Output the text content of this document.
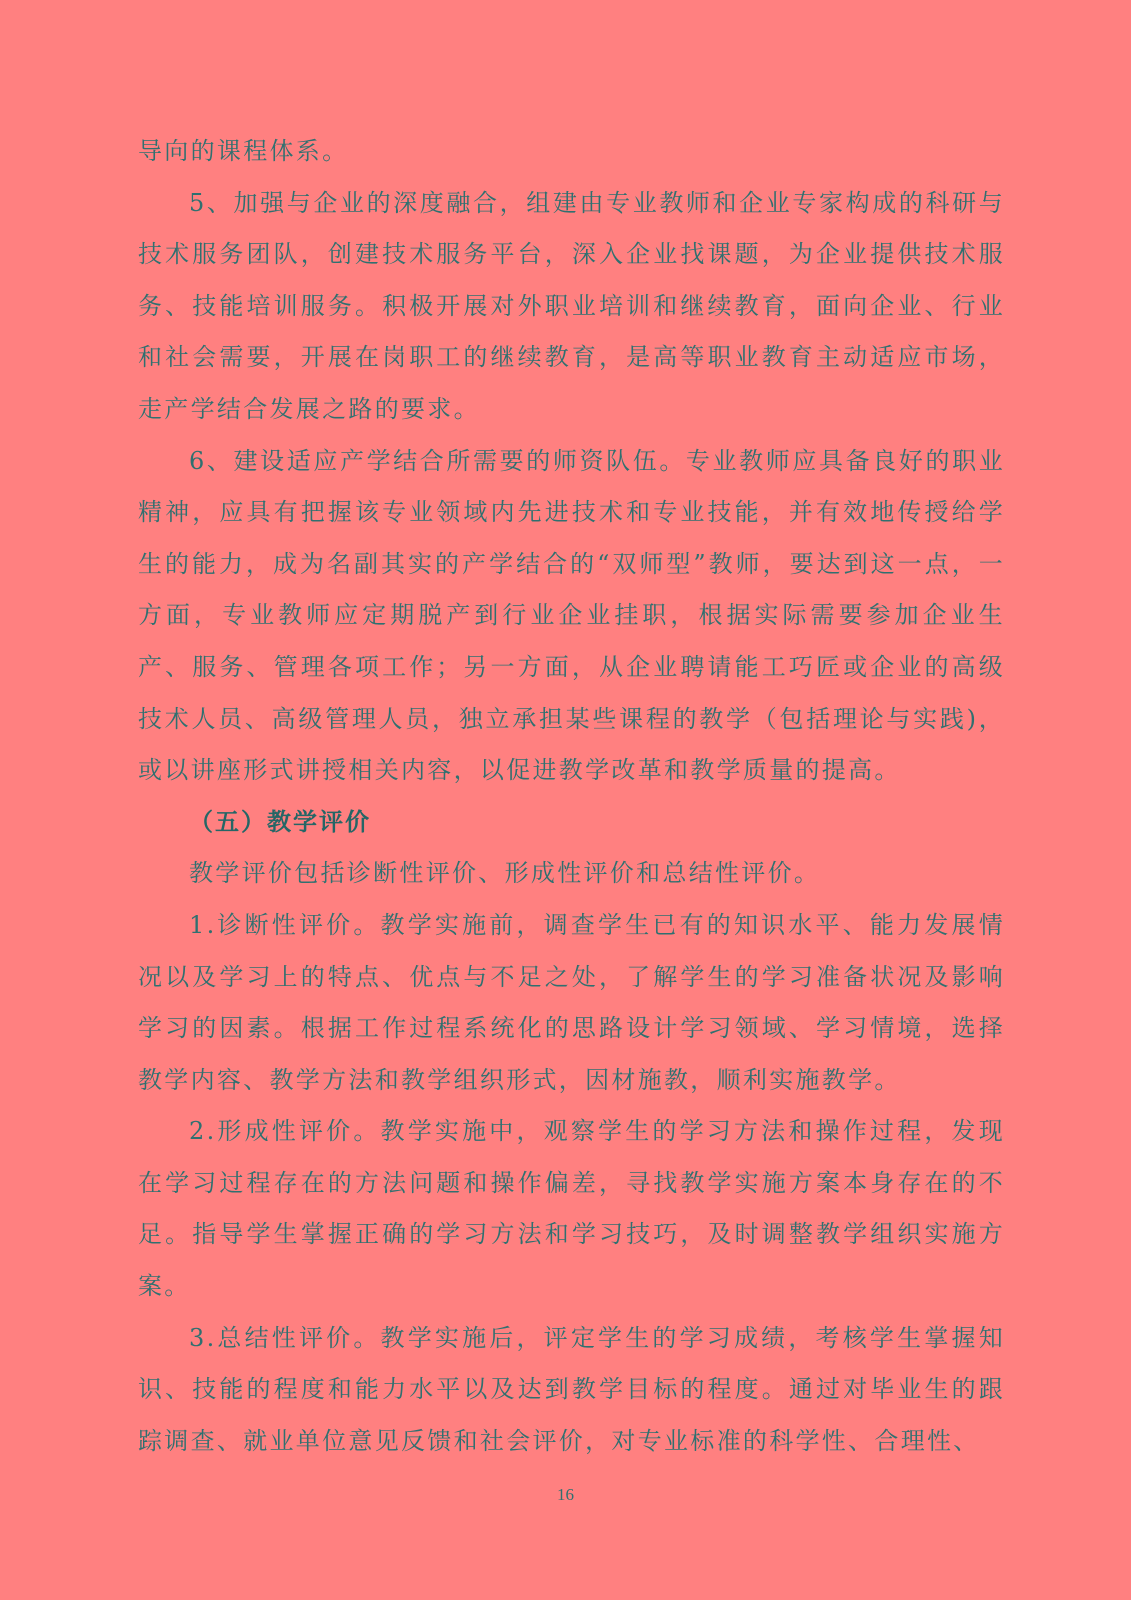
导向的课程体系。

5、加强与企业的深度融合，组建由专业教师和企业专家构成的科研与技术服务团队，创建技术服务平台，深入企业找课题，为企业提供技术服务、技能培训服务。积极开展对外职业培训和继续教育，面向企业、行业和社会需要，开展在岗职工的继续教育，是高等职业教育主动适应市场，走产学结合发展之路的要求。

6、建设适应产学结合所需要的师资队伍。专业教师应具备良好的职业精神，应具有把握该专业领域内先进技术和专业技能，并有效地传授给学生的能力，成为名副其实的产学结合的“双师型”教师，要达到这一点，一方面，专业教师应定期脱产到行业企业挂职，根据实际需要参加企业生产、服务、管理各项工作；另一方面，从企业聘请能工巧匠或企业的高级技术人员、高级管理人员，独立承担某些课程的教学（包括理论与实践)，或以讲座形式讲授相关内容，以促进教学改革和教学质量的提高。

（五）教学评价

教学评价包括诊断性评价、形成性评价和总结性评价。

1.诊断性评价。教学实施前，调查学生已有的知识水平、能力发展情况以及学习上的特点、优点与不足之处，了解学生的学习准备状况及影响学习的因素。根据工作过程系统化的思路设计学习领域、学习情境，选择教学内容、教学方法和教学组织形式，因材施教，顺利实施教学。

2.形成性评价。教学实施中，观察学生的学习方法和操作过程，发现在学习过程存在的方法问题和操作偏差，寻找教学实施方案本身存在的不足。指导学生掌握正确的学习方法和学习技巧，及时调整教学组织实施方案。

3.总结性评价。教学实施后，评定学生的学习成绩，考核学生掌握知识、技能的程度和能力水平以及达到教学目标的程度。通过对毕业生的跟踪调查、就业单位意见反馈和社会评价，对专业标准的科学性、合理性、

16
